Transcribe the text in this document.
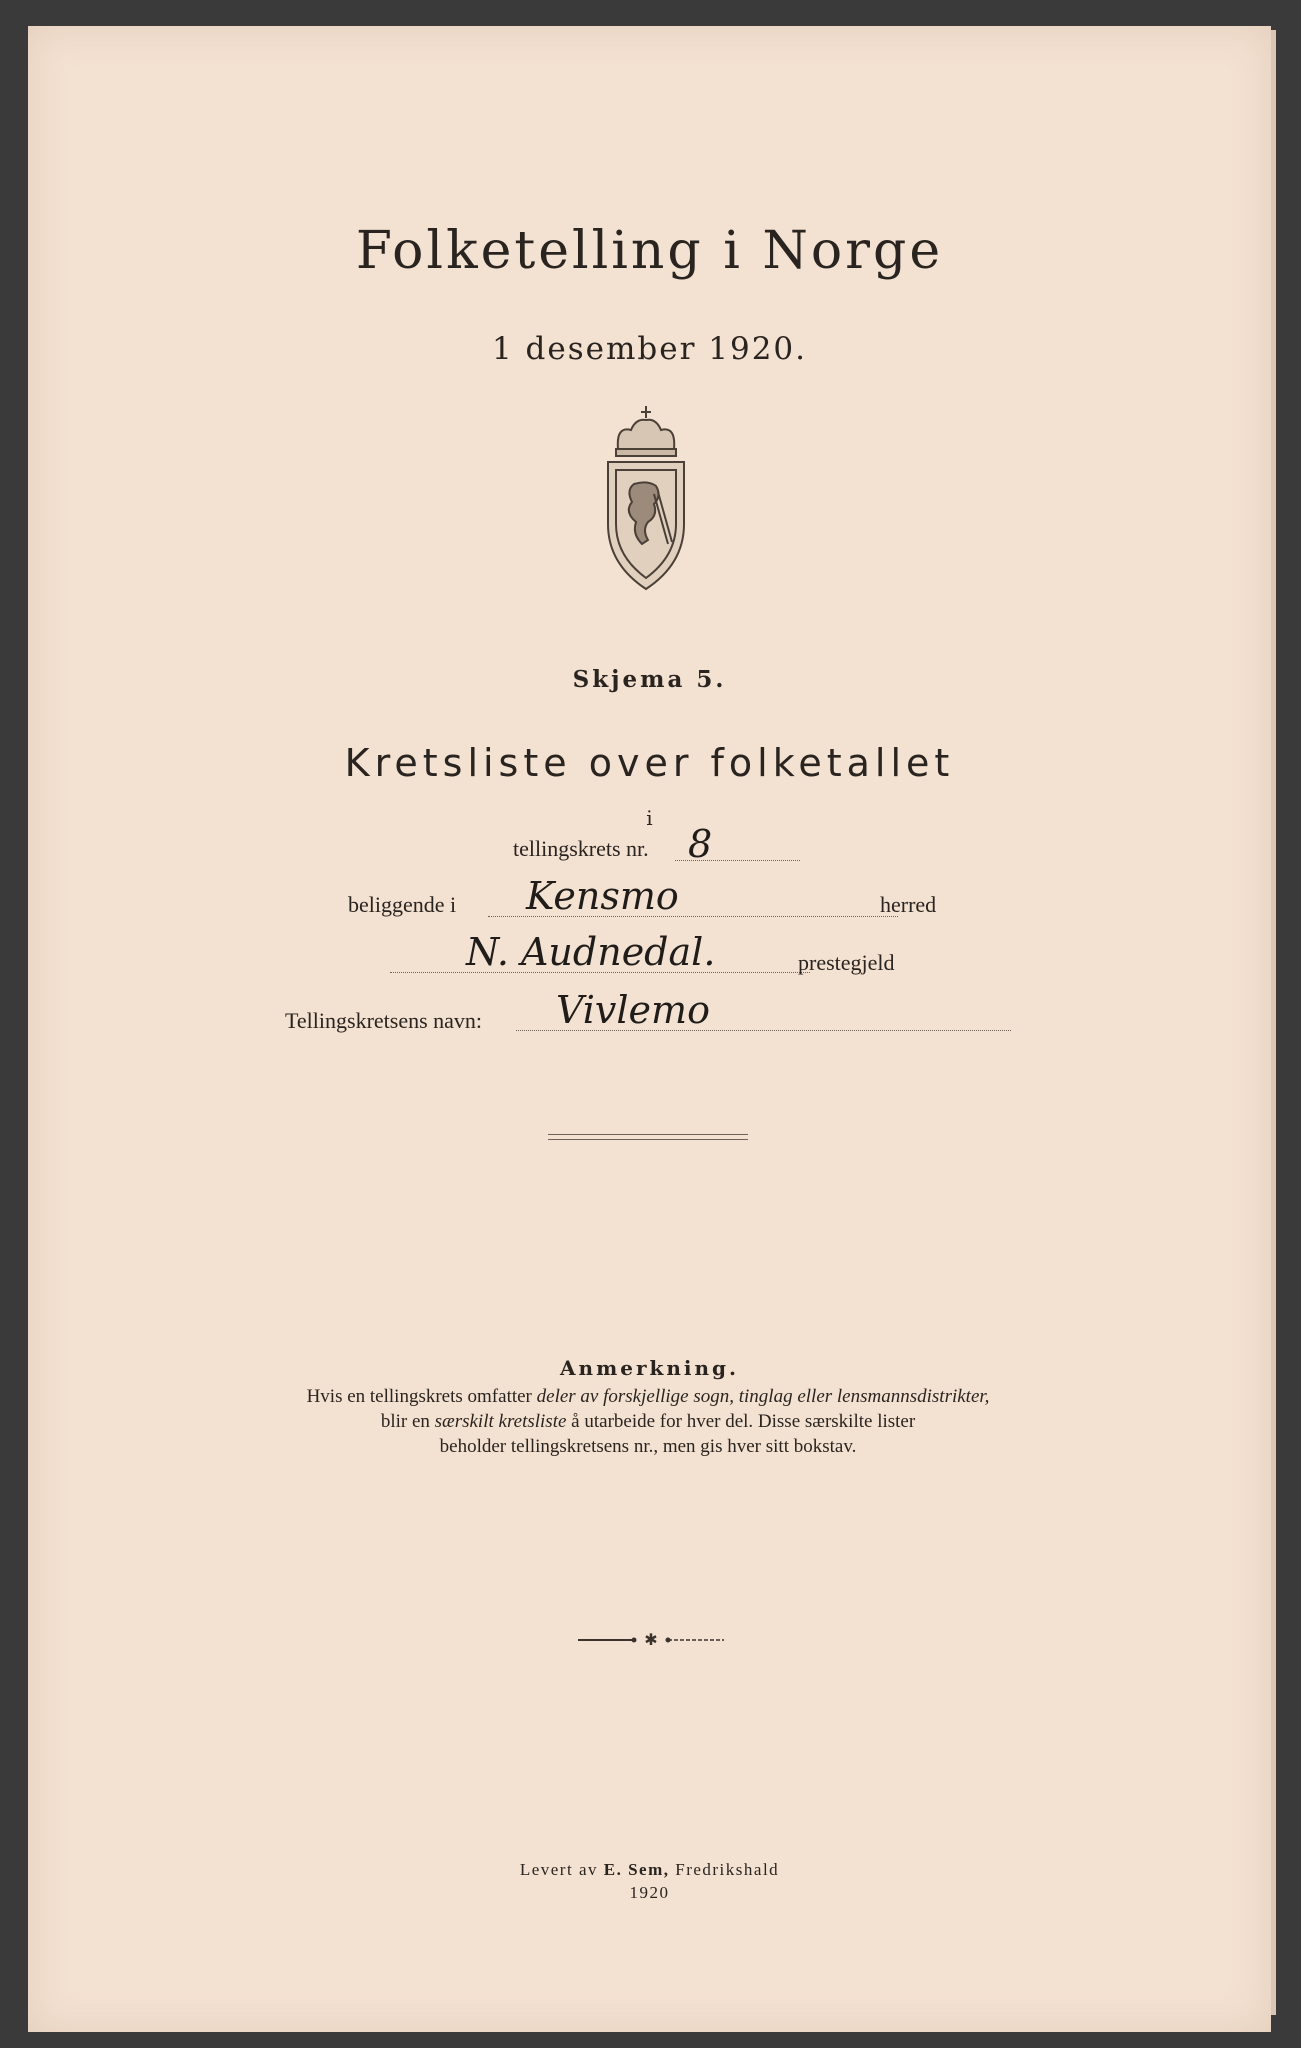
Folketelling i Norge
1 desember 1920.
Skjema 5.
Kretsliste over folketallet
i
tellingskrets nr. 8
beliggende i Kensmo	herred
N. Audnedal.	prestegjeld
Tellingskretsens navn: Vivlemo
Anmerkning.
Hvis en tellingskrets omfatter deler av forskjellige sogn, tinglag eller lensmannsdistrikter,
blir en særskilt kretsliste å utarbeide for hver del. Disse særskilte lister
beholder tellingskretsens nr., men gis hver sitt bokstav.
✱
Levert av E. Sem, Fredrikshald
1920
